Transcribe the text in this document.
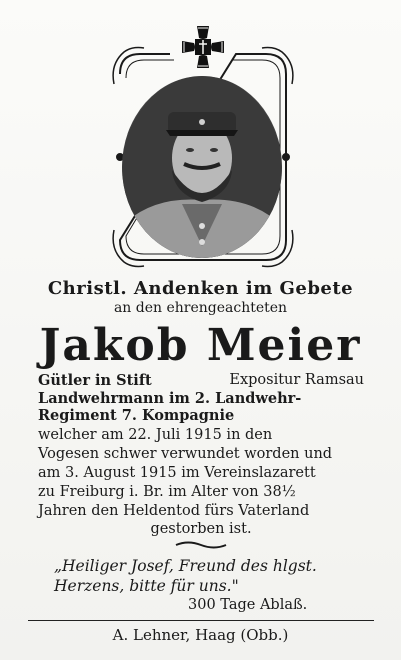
Christl. Andenken im Gebete
an den ehrengeachteten
Jakob Meier
Gütler in Stift	Expositur Ramsau
Landwehrmann im 2. Landwehr-
Regiment 7. Kompagnie
welcher am 22. Juli 1915 in den
Vogesen schwer verwundet worden und
am 3. August 1915 im Vereinslazarett
zu Freiburg i. Br. im Alter von 38½
Jahren den Heldentod fürs Vaterland
gestorben ist.
„Heiliger Josef, Freund des hlgst.
Herzens, bitte für uns."
300 Tage Ablaß.
A. Lehner, Haag (Obb.)
